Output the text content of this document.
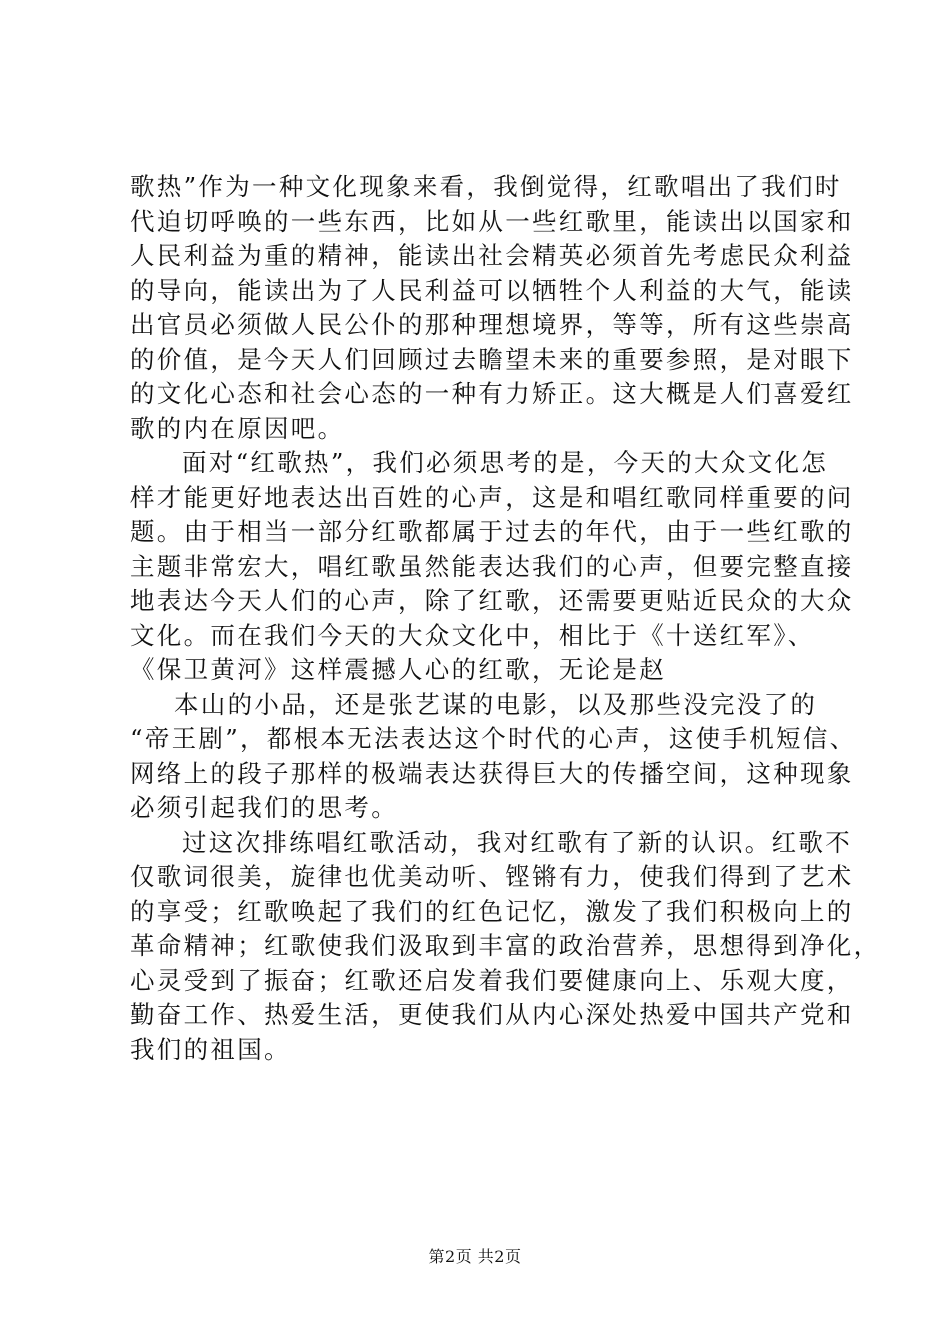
歌热”作为一种文化现象来看，我倒觉得，红歌唱出了我们时
代迫切呼唤的一些东西，比如从一些红歌里，能读出以国家和
人民利益为重的精神，能读出社会精英必须首先考虑民众利益
的导向，能读出为了人民利益可以牺牲个人利益的大气，能读
出官员必须做人民公仆的那种理想境界，等等，所有这些崇高
的价值，是今天人们回顾过去瞻望未来的重要参照，是对眼下
的文化心态和社会心态的一种有力矫正。这大概是人们喜爱红
歌的内在原因吧。
面对“红歌热”，我们必须思考的是，今天的大众文化怎
样才能更好地表达出百姓的心声，这是和唱红歌同样重要的问
题。由于相当一部分红歌都属于过去的年代，由于一些红歌的
主题非常宏大，唱红歌虽然能表达我们的心声，但要完整直接
地表达今天人们的心声，除了红歌，还需要更贴近民众的大众
文化。而在我们今天的大众文化中，相比于《十送红军》、
《保卫黄河》这样震撼人心的红歌，无论是赵
本山的小品，还是张艺谋的电影，以及那些没完没了的
“帝王剧”，都根本无法表达这个时代的心声，这使手机短信、
网络上的段子那样的极端表达获得巨大的传播空间，这种现象
必须引起我们的思考。
过这次排练唱红歌活动，我对红歌有了新的认识。红歌不
仅歌词很美，旋律也优美动听、铿锵有力，使我们得到了艺术
的享受；红歌唤起了我们的红色记忆，激发了我们积极向上的
革命精神；红歌使我们汲取到丰富的政治营养，思想得到净化，
心灵受到了振奋；红歌还启发着我们要健康向上、乐观大度，
勤奋工作、热爱生活，更使我们从内心深处热爱中国共产党和
我们的祖国。
第2页 共2页
